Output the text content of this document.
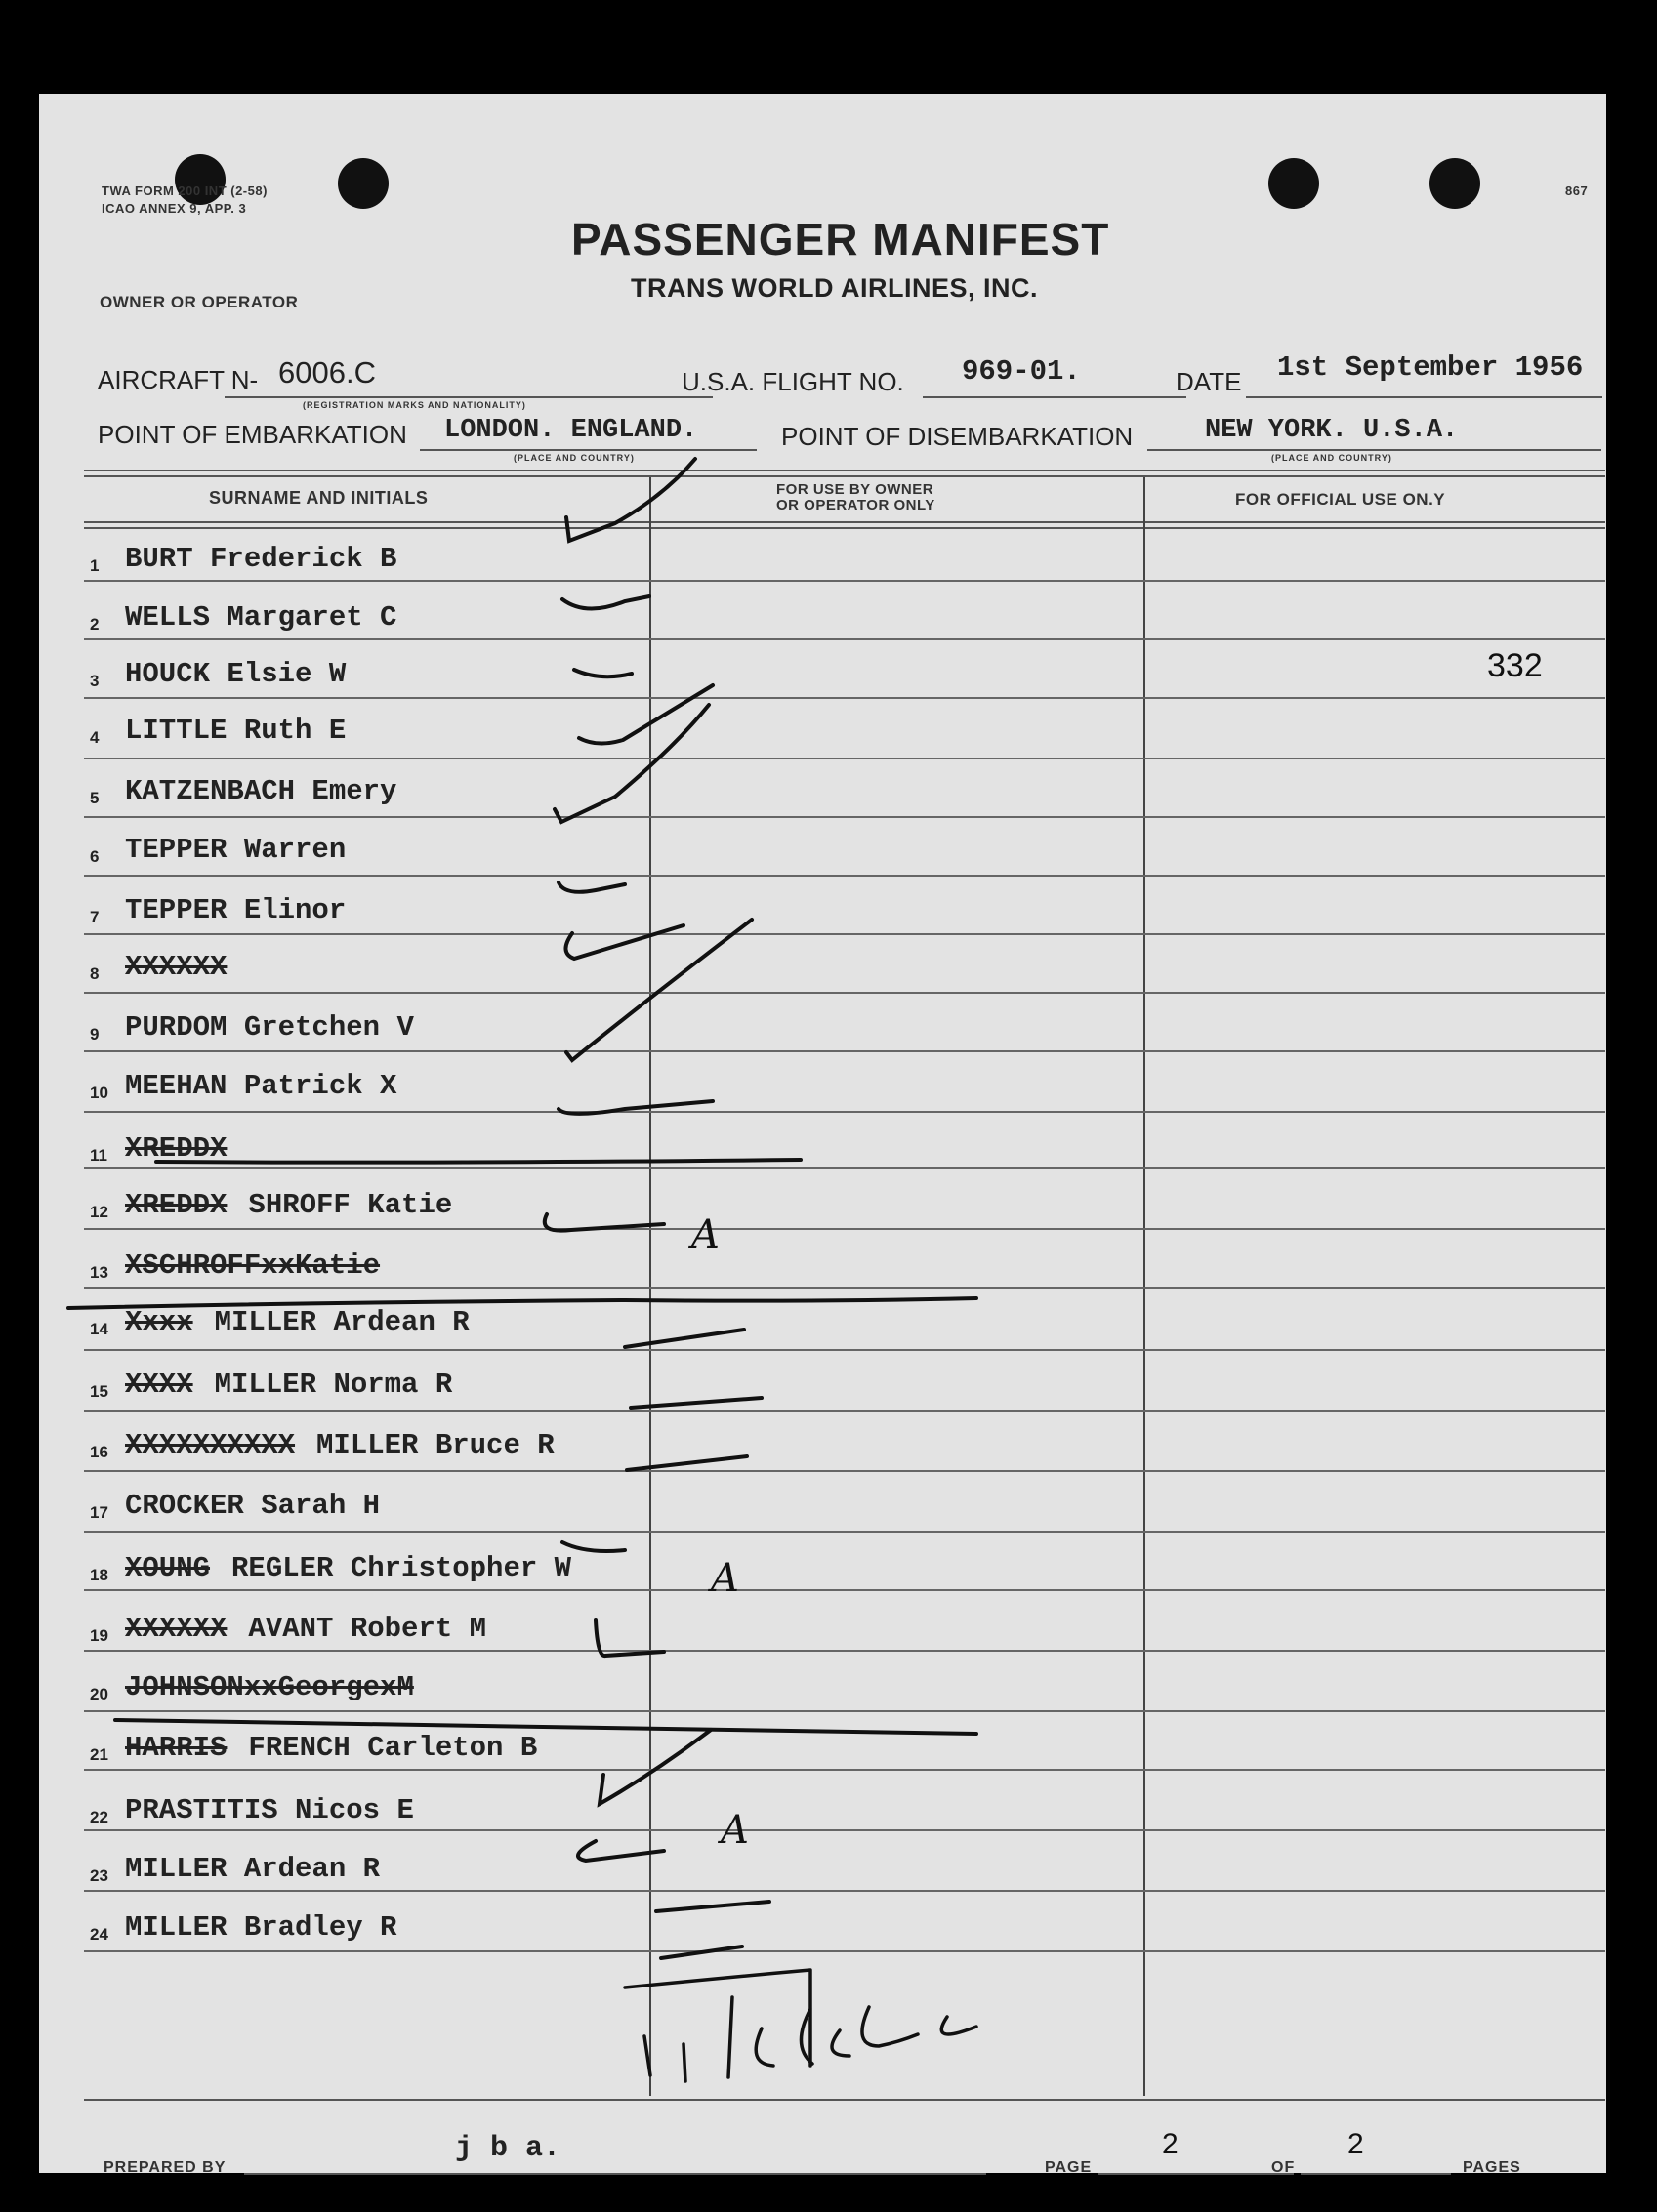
TWA FORM 200 INT (2-58)
ICAO ANNEX 9, APP. 3
867
OWNER OR OPERATOR
PASSENGER MANIFEST
TRANS WORLD AIRLINES, INC.
AIRCRAFT N- 6006.C
(REGISTRATION MARKS AND NATIONALITY)
U.S.A. FLIGHT NO. 969-01.	DATE 1st September 1956
POINT OF EMBARKATION LONDON. ENGLAND.
(PLACE AND COUNTRY)
POINT OF DISEMBARKATION	NEW YORK. U.S.A.
(PLACE AND COUNTRY)
SURNAME AND INITIALS	FOR USE BY OWNER
OR OPERATOR ONLY	FOR OFFICIAL USE ON.Y
1 BURT Frederick B
2 WELLS Margaret C
3 HOUCK Elsie W
4 LITTLE Ruth E
5 KATZENBACH Emery
6 TEPPER Warren
7 TEPPER Elinor
8 XXXXXX
9 PURDOM Gretchen V
10 MEEHAN Patrick X
11 XREDDX
12 XREDDX SHROFF Katie
13 XSCHROFFxxKatie
14 Xxxx MILLER Ardean R
15 XXXX MILLER Norma R
16 XXXXXXXXXX MILLER Bruce R
17 CROCKER Sarah H
18 XOUNG REGLER Christopher W
19 XXXXXX AVANT Robert M
20 JOHNSONxxGeorgexM
21 HARRIS FRENCH Carleton B
22 PRASTITIS Nicos E
23 MILLER Ardean R
24 MILLER Bradley R
332
A
A
A
PREPARED BY
j b a.
PAGE
2
OF
2
PAGES
